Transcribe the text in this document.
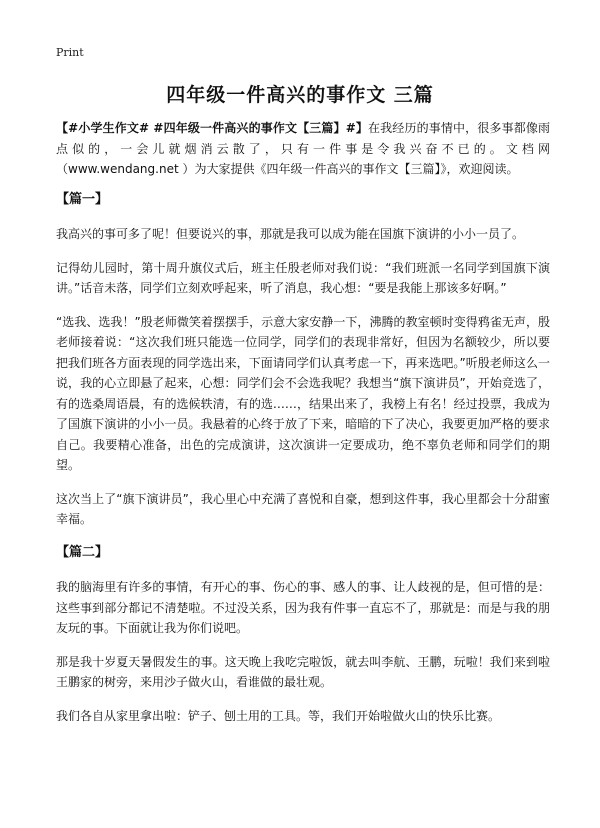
Print
四年级一件高兴的事作文 三篇

【#小学生作文# #四年级一件高兴的事作文【三篇】#】在我经历的事情中，很多事都像雨点似的，一会儿就烟消云散了，只有一件事是令我兴奋不已的。文档网（www.wendang.net ）为大家提供《四年级一件高兴的事作文【三篇】》，欢迎阅读。

【篇一】

我高兴的事可多了呢！但要说兴的事，那就是我可以成为能在国旗下演讲的小小一员了。

记得幼儿园时，第十周升旗仪式后，班主任殷老师对我们说：“我们班派一名同学到国旗下演讲。”话音未落，同学们立刻欢呼起来，听了消息，我心想：“要是我能上那该多好啊。”

“选我、选我！”殷老师微笑着摆摆手，示意大家安静一下，沸腾的教室顿时变得鸦雀无声，殷老师接着说：“这次我们班只能选一位同学，同学们的表现非常好，但因为名额较少，所以要把我们班各方面表现的同学选出来，下面请同学们认真考虑一下，再来选吧。”听殷老师这么一说，我的心立即悬了起来，心想：同学们会不会选我呢？我想当“旗下演讲员”，开始竞选了，有的选桑周语晨，有的选候轶清，有的选……，结果出来了，我榜上有名！经过投票，我成为了国旗下演讲的小小一员。我悬着的心终于放了下来，暗暗的下了决心，我要更加严格的要求自己。我要精心准备，出色的完成演讲，这次演讲一定要成功，绝不辜负老师和同学们的期望。

这次当上了“旗下演讲员”，我心里心中充满了喜悦和自豪，想到这件事，我心里都会十分甜蜜幸福。

【篇二】

我的脑海里有许多的事情，有开心的事、伤心的事、感人的事、让人歧视的是，但可惜的是：这些事到部分都记不清楚啦。不过没关系，因为我有件事一直忘不了，那就是：而是与我的朋友玩的事。下面就让我为你们说吧。

那是我十岁夏天暑假发生的事。这天晚上我吃完啦饭，就去叫李航、王鹏，玩啦！我们来到啦王鹏家的树旁，来用沙子做火山，看谁做的最壮观。

我们各自从家里拿出啦：铲子、刨土用的工具。等，我们开始啦做火山的快乐比赛。
